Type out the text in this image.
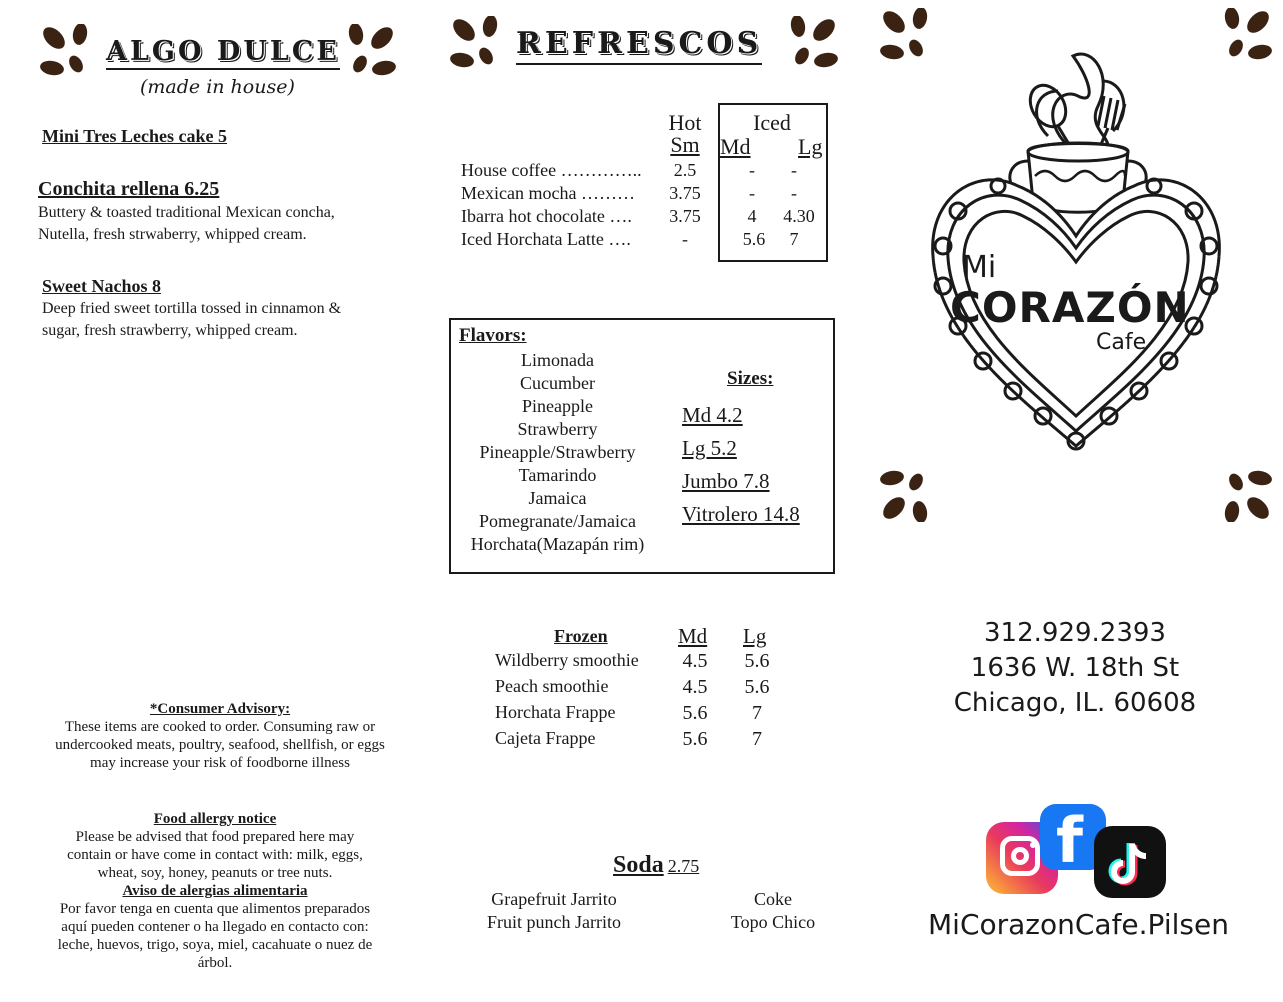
ALGO DULCE
(made in house)
Mini Tres Leches cake 5
Conchita rellena 6.25
Buttery & toasted traditional Mexican concha,
Nutella, fresh strwaberry, whipped cream.
Sweet Nachos 8
Deep fried sweet tortilla tossed in cinnamon &
sugar, fresh strawberry, whipped cream.
*Consumer Advisory:
These items are cooked to order. Consuming raw or
undercooked meats, poultry, seafood, shellfish, or eggs
may increase your risk of foodborne illness
Food allergy notice
Please be advised that food prepared here may
contain or have come in contact with: milk, eggs,
wheat, soy, honey, peanuts or tree nuts.
Aviso de alergias alimentaria
Por favor tenga en cuenta que alimentos preparados
aquí pueden contener o ha llegado en contacto con:
leche, huevos, trigo, soya, miel, cacahuate o nuez de
árbol.
REFRESCOS
Hot
Sm
Iced
Md Lg
House coffee …………..	2.5	-	-
Mexican mocha ………	3.75	-	-
Ibarra hot chocolate ….	3.75	4	4.30
Iced Horchata Latte ….	-	5.6	7
Flavors:
Limonada
Cucumber
Pineapple
Strawberry
Pineapple/Strawberry
Tamarindo
Jamaica
Pomegranate/Jamaica
Horchata(Mazapán rim)
Sizes:
Md 4.2
Lg 5.2
Jumbo 7.8
Vitrolero 14.8
Frozen	Md Lg
Wildberry smoothie	4.5	5.6
Peach smoothie	4.5	5.6
Horchata Frappe	5.6	7
Cajeta Frappe	5.6	7
Soda 2.75
Grapefruit Jarrito
Fruit punch Jarrito
Coke
Topo Chico
Mi
CORAZÓN
Cafe
312.929.2393
1636 W. 18th St
Chicago, IL. 60608
f
MiCorazonCafe.Pilsen
